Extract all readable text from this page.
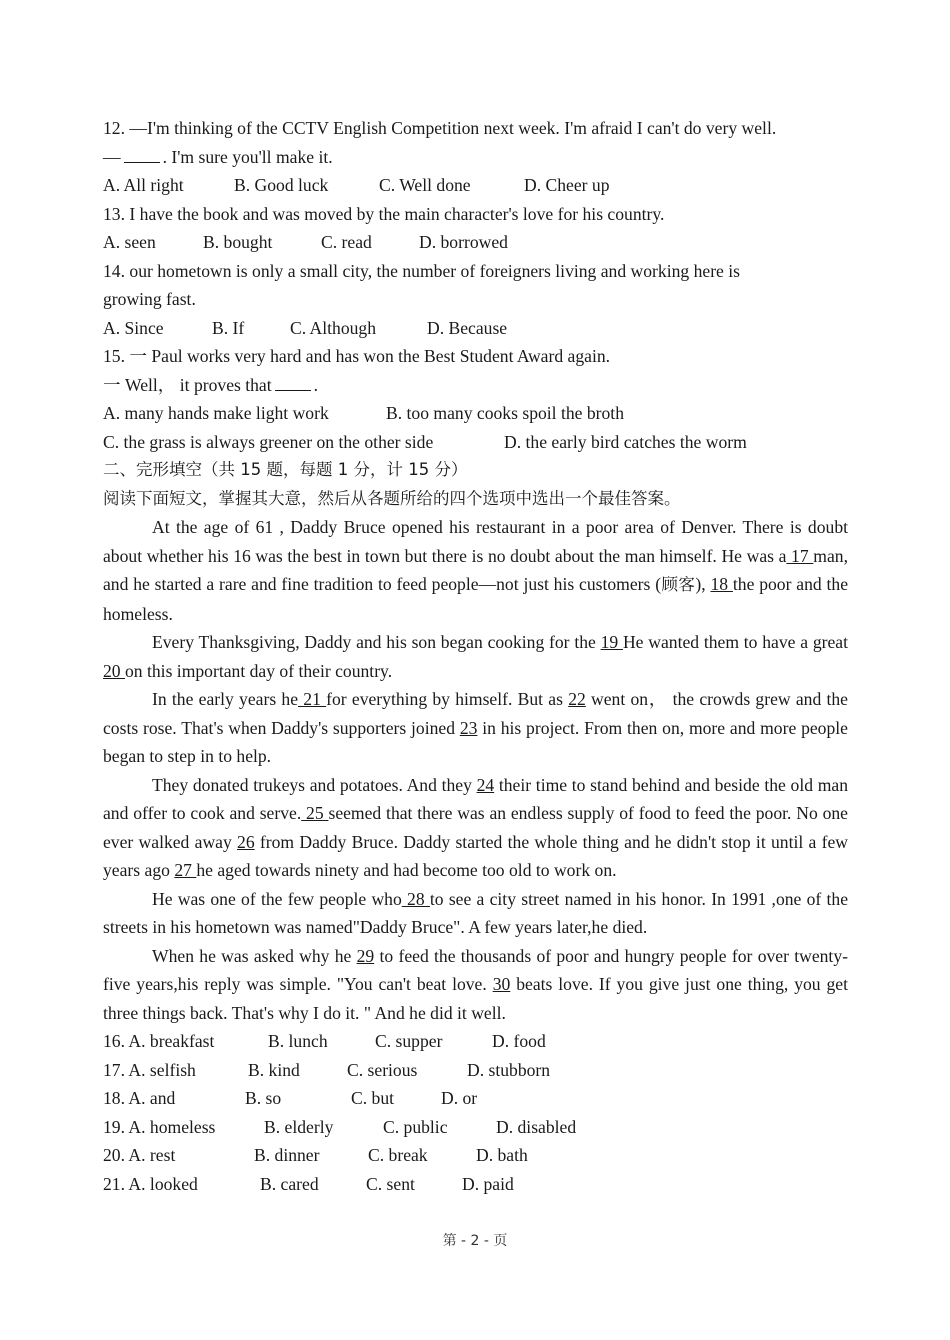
12. —I'm thinking of the CCTV English Competition next week. I'm afraid I can't do very well.
— . I'm sure you'll make it.
A. All right	B. Good luck	C. Well done	D. Cheer up
13. I have the book and was moved by the main character's love for his country.
A. seen	B. bought	C. read	D. borrowed
14. our hometown is only a small city, the number of foreigners living and working here is
growing fast.
A. Since	B. If	C. Although	D. Because
15. 一 Paul works very hard and has won the Best Student Award again.
一 Well， it proves that .
A. many hands make light work	B. too many cooks spoil the broth
C. the grass is always greener on the other side	D. the early bird catches the worm
二、完形填空（共 15 题，每题 1 分，计 15 分）
阅读下面短文，掌握其大意，然后从各题所给的四个选项中选出一个最佳答案。
At the age of 61 , Daddy Bruce opened his restaurant in a poor area of Denver. There is doubt about whether his 16 was the best in town but there is no doubt about the man himself. He was a 17 man, and he started a rare and fine tradition to feed people—not just his customers (顾客), 18 the poor and the homeless.
Every Thanksgiving, Daddy and his son began cooking for the 19 He wanted them to have a great 20 on this important day of their country.
In the early years he 21 for everything by himself. But as 22 went on， the crowds grew and the costs rose. That's when Daddy's supporters joined 23 in his project. From then on, more and more people began to step in to help.
They donated trukeys and potatoes. And they 24 their time to stand behind and beside the old man and offer to cook and serve. 25 seemed that there was an endless supply of food to feed the poor. No one ever walked away 26 from Daddy Bruce. Daddy started the whole thing and he didn't stop it until a few years ago 27 he aged towards ninety and had become too old to work on.
He was one of the few people who 28 to see a city street named in his honor. In 1991 ,one of the streets in his hometown was named"Daddy Bruce". A few years later,he died.
When he was asked why he 29 to feed the thousands of poor and hungry people for over twenty-five years,his reply was simple. "You can't beat love. 30 beats love. If you give just one thing, you get three things back. That's why I do it. " And he did it well.
16. A. breakfast	B. lunch	C. supper	D. food
17. A. selfish	B. kind	C. serious	D. stubborn
18. A. and	B. so	C. but	D. or
19. A. homeless	B. elderly	C. public	D. disabled
20. A. rest	B. dinner	C. break	D. bath
21. A. looked	B. cared	C. sent	D. paid
第 - 2 - 页
